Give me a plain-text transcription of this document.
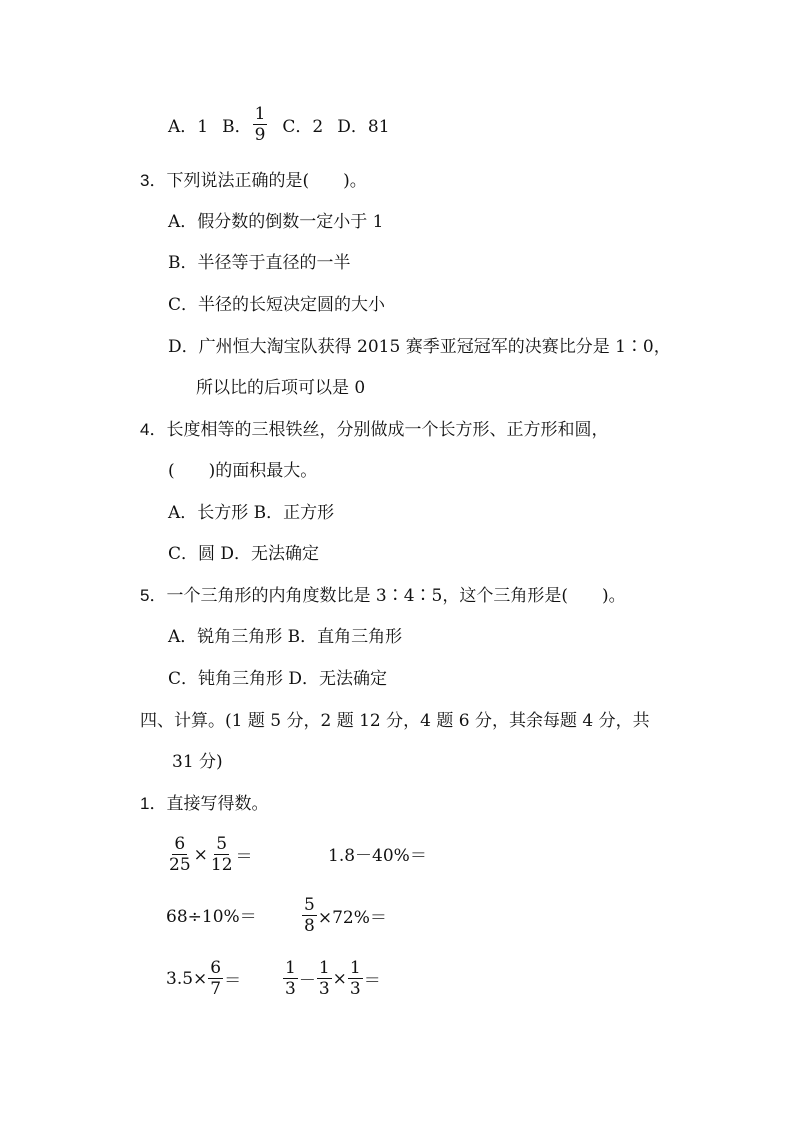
A．1 B． $\frac{1}{9}$ C．2 D．81
3．下列说法正确的是(　　)。
A．假分数的倒数一定小于 1
B．半径等于直径的一半
C．半径的长短决定圆的大小
D．广州恒大淘宝队获得 2015 赛季亚冠冠军的决赛比分是 1∶0，
所以比的后项可以是 0
4．长度相等的三根铁丝，分别做成一个长方形、正方形和圆，
(　　)的面积最大。
A．长方形 B．正方形
C．圆 D．无法确定
5．一个三角形的内角度数比是 3∶4∶5，这个三角形是(　　)。
A．锐角三角形 B．直角三角形
C．钝角三角形 D．无法确定
四、计算。(1 题 5 分，2 题 12 分，4 题 6 分，其余每题 4 分，共
31 分)
1．直接写得数。
$\frac{6}{25} \times \frac{5}{12}$ ＝	1.8－40%＝
68÷10%＝	$\frac{5}{8} \times 72\%=$
$3.5\times \frac{6}{7} = \frac{1}{3} - \frac{1}{3} \times \frac{1}{3}$ ＝
